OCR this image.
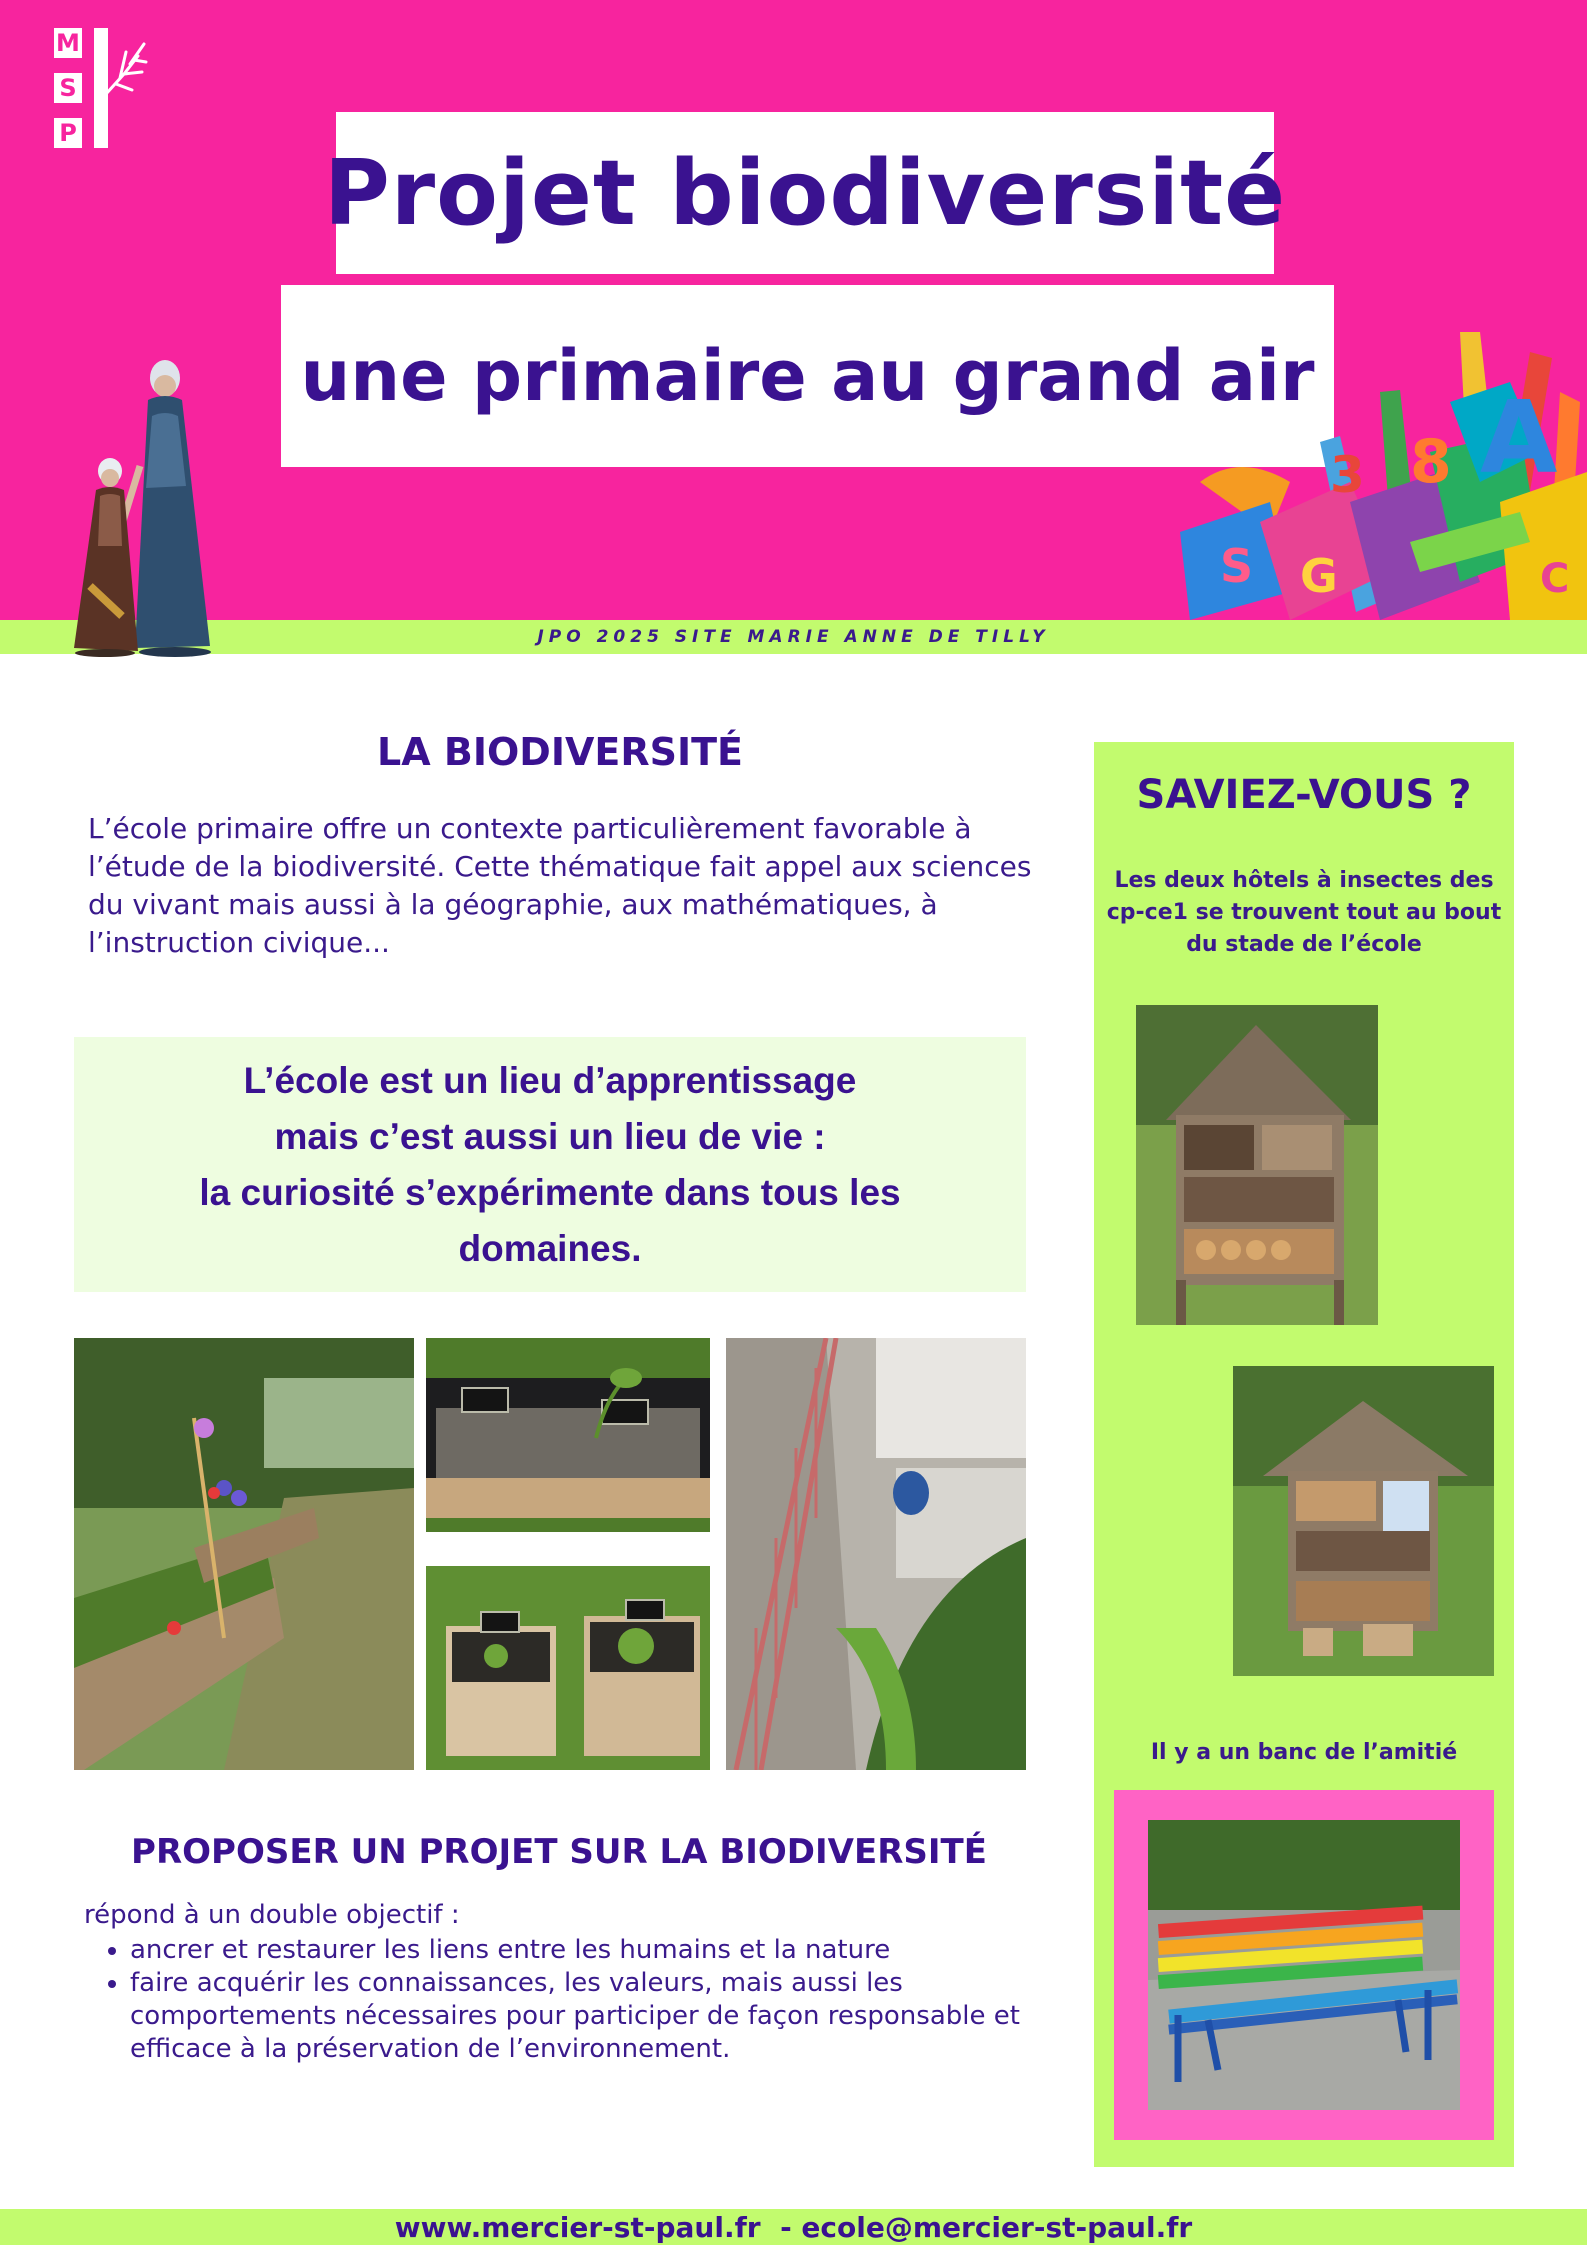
M
S
P
Projet biodiversité
une primaire au grand air
JPO 2025 SITE MARIE ANNE DE TILLY
S G
8 A
3
C
LA BIODIVERSITÉ
L’école primaire offre un contexte particulièrement favorable à l’étude de la biodiversité. Cette thématique fait appel aux sciences du vivant mais aussi à la géographie, aux mathématiques, à l’instruction civique...
L’école est un lieu d’apprentissage
mais c’est aussi un lieu de vie :
la curiosité s’expérimente dans tous les
domaines.
PROPOSER UN PROJET SUR LA BIODIVERSITÉ
répond à un double objectif :
• ancrer et restaurer les liens entre les humains et la nature
• faire acquérir les connaissances, les valeurs, mais aussi les comportements nécessaires pour participer de façon responsable et efficace à la préservation de l’environnement.
SAVIEZ-VOUS ?
Les deux hôtels à insectes des cp-ce1 se trouvent tout au bout du stade de l’école
Il y a un banc de l’amitié
www.mercier-st-paul.fr  - ecole@mercier-st-paul.fr
